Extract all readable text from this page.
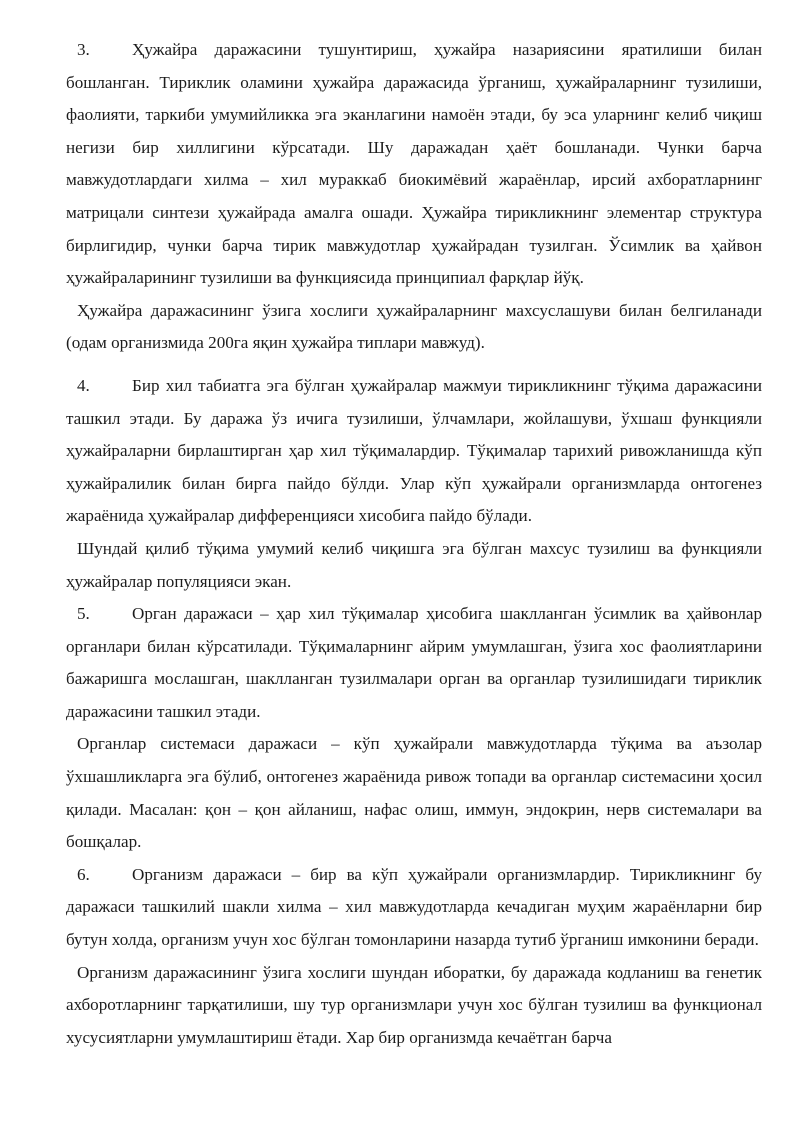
3. Ҳужайра даражасини тушунтириш, ҳужайра назариясини яратилиши билан бошланган. Тириклик оламини ҳужайра даражасида ўрганиш, ҳужайраларнинг тузилиши, фаолияти, таркиби умумийликка эга эканлагини намоён этади, бу эса уларнинг келиб чиқиш негизи бир хиллигини кўрсатади. Шу даражадан ҳаёт бошланади. Чунки барча мавжудотлардаги хилма – хил мураккаб биокимёвий жараёнлар, ирсий ахборатларнинг матрицали синтези ҳужайрада амалга ошади. Ҳужайра тирикликнинг элементар структура бирлигидир, чунки барча тирик мавжудотлар ҳужайрадан тузилган. Ўсимлик ва ҳайвон ҳужайраларининг тузилиши ва функциясида принципиал фарқлар йўқ.

Ҳужайра даражасининг ўзига хослиги ҳужайраларнинг махсуслашуви билан белгиланади (одам организмида 200га яқин ҳужайра типлари мавжуд).

4. Бир хил табиатга эга бўлган ҳужайралар мажмуи тирикликнинг тўқима даражасини ташкил этади. Бу даража ўз ичига тузилиши, ўлчамлари, жойлашуви, ўхшаш функцияли ҳужайраларни бирлаштирган ҳар хил тўқималардир. Тўқималар тарихий ривожланишда кўп ҳужайралилик билан бирга пайдо бўлди. Улар кўп ҳужайрали организмларда онтогенез жараёнида ҳужайралар дифференцияси хисобига пайдо бўлади.

Шундай қилиб тўқима умумий келиб чиқишга эга бўлган махсус тузилиш ва функцияли ҳужайралар популяцияси экан.

5. Орган даражаси – ҳар хил тўқималар ҳисобига шаклланган ўсимлик ва ҳайвонлар органлари билан кўрсатилади. Тўқималарнинг айрим умумлашган, ўзига хос фаолиятларини бажаришга мослашган, шаклланган тузилмалари орган ва органлар тузилишидаги тириклик даражасини ташкил этади.

Органлар системаси даражаси – кўп ҳужайрали мавжудотларда тўқима ва аъзолар ўхшашликларга эга бўлиб, онтогенез жараёнида ривож топади ва органлар системасини ҳосил қилади. Масалан: қон – қон айланиш, нафас олиш, иммун, эндокрин, нерв системалари ва бошқалар.

6. Организм даражаси – бир ва кўп ҳужайрали организмлардир. Тирикликнинг бу даражаси ташкилий шакли хилма – хил мавжудотларда кечадиган муҳим жараёнларни бир бутун холда, организм учун хос бўлган томонларини назарда тутиб ўрганиш имконини беради.

Организм даражасининг ўзига хослиги шундан иборатки, бу даражада кодланиш ва генетик ахборотларнинг тарқатилиши, шу тур организмлари учун хос бўлган тузилиш ва функционал хусусиятларни умумлаштириш ётади. Хар бир организмда кечаётган барча
